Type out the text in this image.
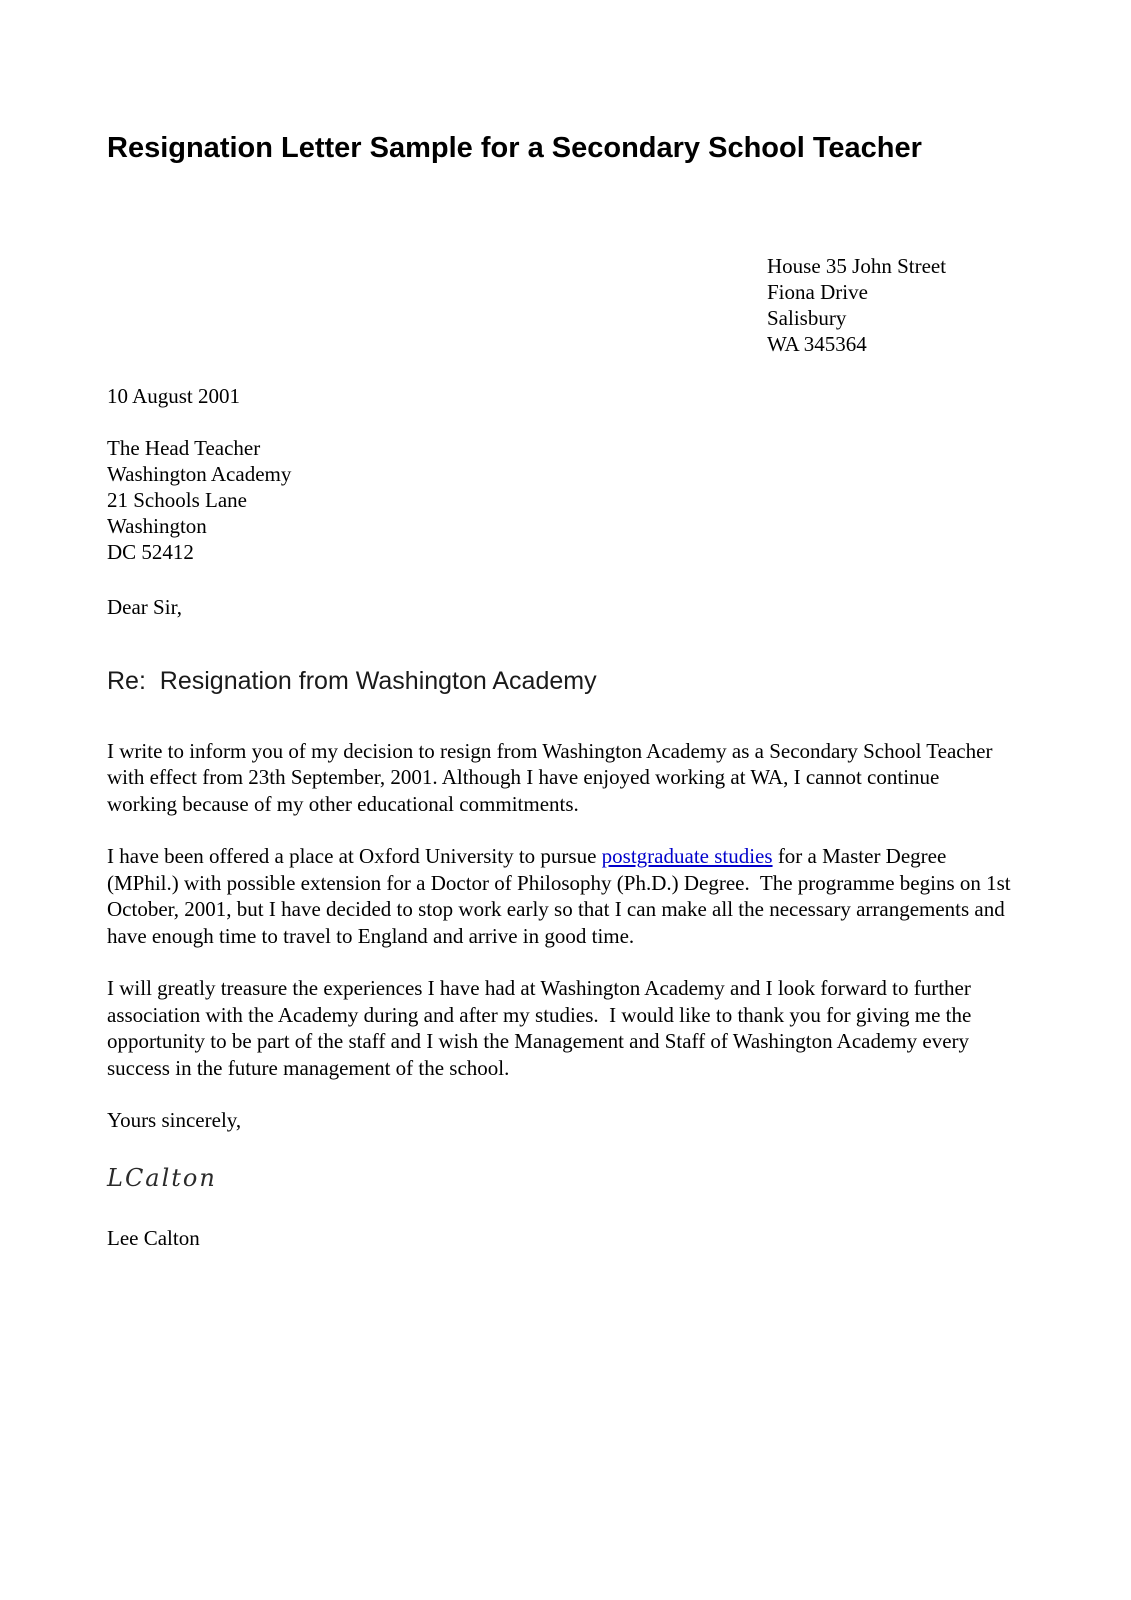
Resignation Letter Sample for a Secondary School Teacher
House 35 John Street
Fiona Drive
Salisbury
WA 345364
10 August 2001
The Head Teacher
Washington Academy
21 Schools Lane
Washington
DC 52412
Dear Sir,
Re:  Resignation from Washington Academy

I write to inform you of my decision to resign from Washington Academy as a Secondary School Teacher with effect from 23th September, 2001. Although I have enjoyed working at WA, I cannot continue working because of my other educational commitments.

I have been offered a place at Oxford University to pursue postgraduate studies for a Master Degree (MPhil.) with possible extension for a Doctor of Philosophy (Ph.D.) Degree.  The programme begins on 1st October, 2001, but I have decided to stop work early so that I can make all the necessary arrangements and have enough time to travel to England and arrive in good time.

I will greatly treasure the experiences I have had at Washington Academy and I look forward to further association with the Academy during and after my studies.  I would like to thank you for giving me the opportunity to be part of the staff and I wish the Management and Staff of Washington Academy every success in the future management of the school.

Yours sincerely,
LCalton
Lee Calton
